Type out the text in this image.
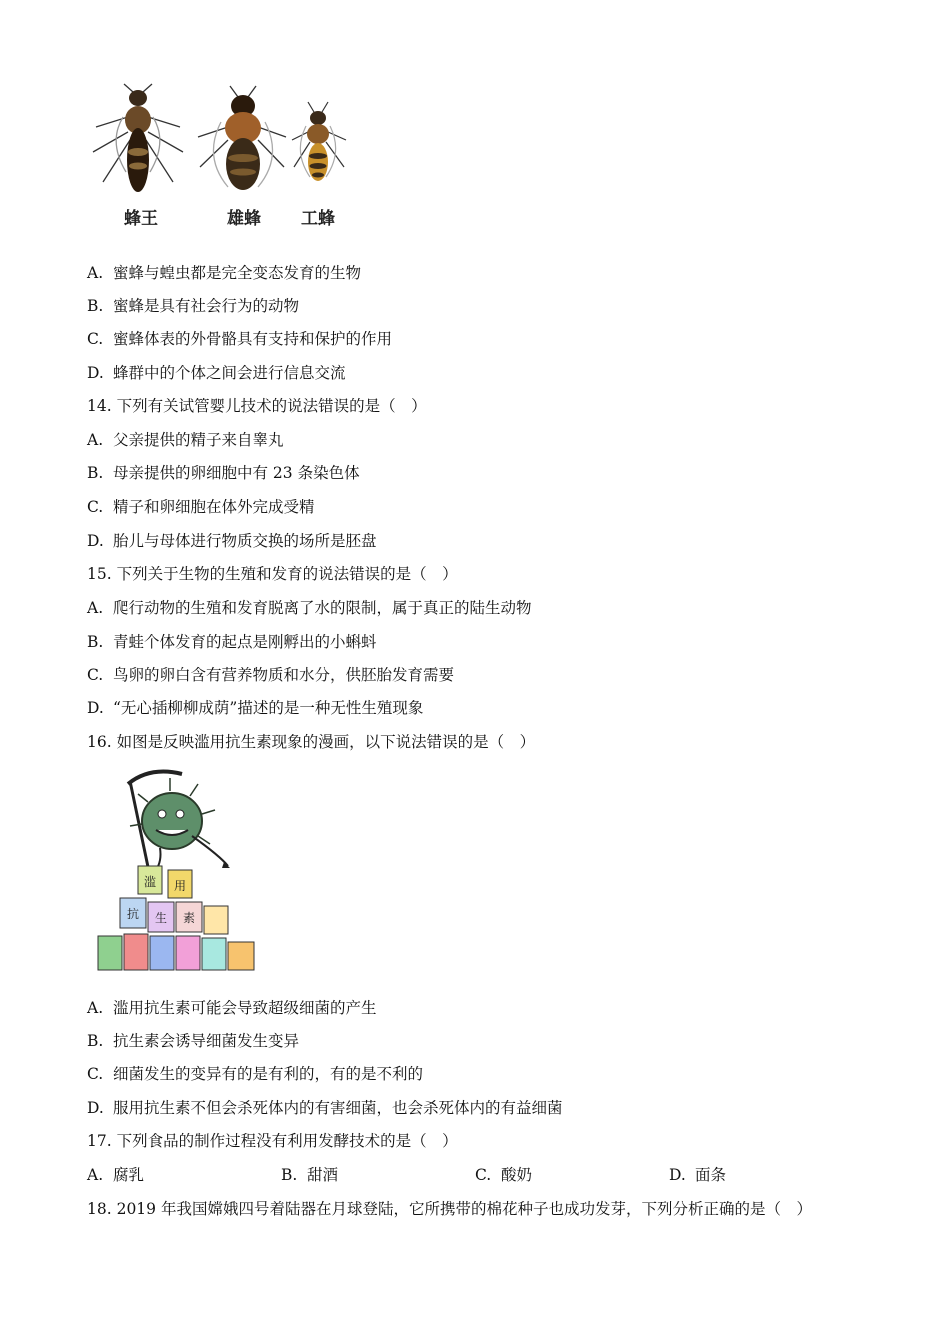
蜂王	雄蜂 工蜂
A. 蜜蜂与蝗虫都是完全变态发育的生物
B. 蜜蜂是具有社会行为的动物
C. 蜜蜂体表的外骨骼具有支持和保护的作用
D. 蜂群中的个体之间会进行信息交流
14. 下列有关试管婴儿技术的说法错误的是（　）
A. 父亲提供的精子来自睾丸
B. 母亲提供的卵细胞中有 23 条染色体
C. 精子和卵细胞在体外完成受精
D. 胎儿与母体进行物质交换的场所是胚盘
15. 下列关于生物的生殖和发育的说法错误的是（　）
A. 爬行动物的生殖和发育脱离了水的限制，属于真正的陆生动物
B. 青蛙个体发育的起点是刚孵出的小蝌蚪
C. 鸟卵的卵白含有营养物质和水分，供胚胎发育需要
D. “无心插柳柳成荫”描述的是一种无性生殖现象
16. 如图是反映滥用抗生素现象的漫画，以下说法错误的是（　）
滥 用
抗 生 素
A. 滥用抗生素可能会导致超级细菌的产生
B. 抗生素会诱导细菌发生变异
C. 细菌发生的变异有的是有利的，有的是不利的
D. 服用抗生素不但会杀死体内的有害细菌，也会杀死体内的有益细菌
17. 下列食品的制作过程没有利用发酵技术的是（　）
A. 腐乳	B. 甜酒	C. 酸奶	D. 面条
18. 2019 年我国嫦娥四号着陆器在月球登陆，它所携带的棉花种子也成功发芽，下列分析正确的是（　）
